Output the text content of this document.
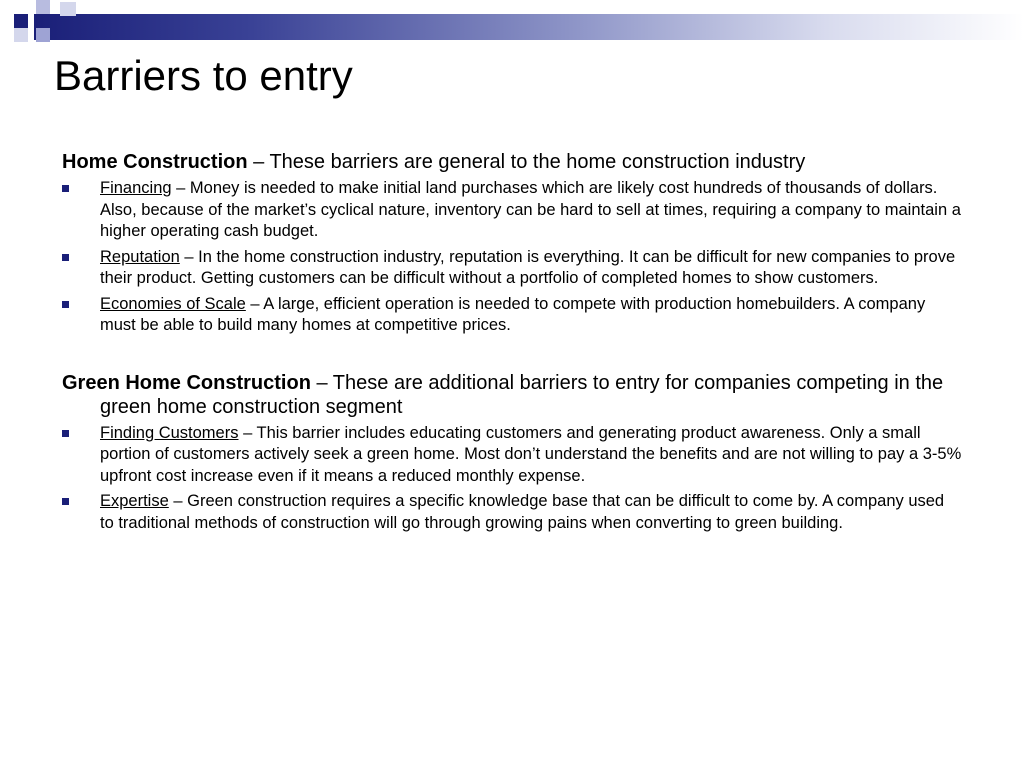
Barriers to entry

Home Construction – These barriers are general to the home construction industry

Financing – Money is needed to make initial land purchases which are likely cost hundreds of thousands of dollars. Also, because of the market’s cyclical nature, inventory can be hard to sell at times, requiring a company to maintain a higher operating cash budget.
Reputation – In the home construction industry, reputation is everything. It can be difficult for new companies to prove their product. Getting customers can be difficult without a portfolio of completed homes to show customers.
Economies of Scale – A large, efficient operation is needed to compete with production homebuilders. A company must be able to build many homes at competitive prices.

Green Home Construction – These are additional barriers to entry for companies competing in the green home construction segment

Finding Customers – This barrier includes educating customers and generating product awareness. Only a small portion of customers actively seek a green home. Most don’t understand the benefits and are not willing to pay a 3-5% upfront cost increase even if it means a reduced monthly expense.
Expertise – Green construction requires a specific knowledge base that can be difficult to come by. A company used to traditional methods of construction will go through growing pains when converting to green building.
